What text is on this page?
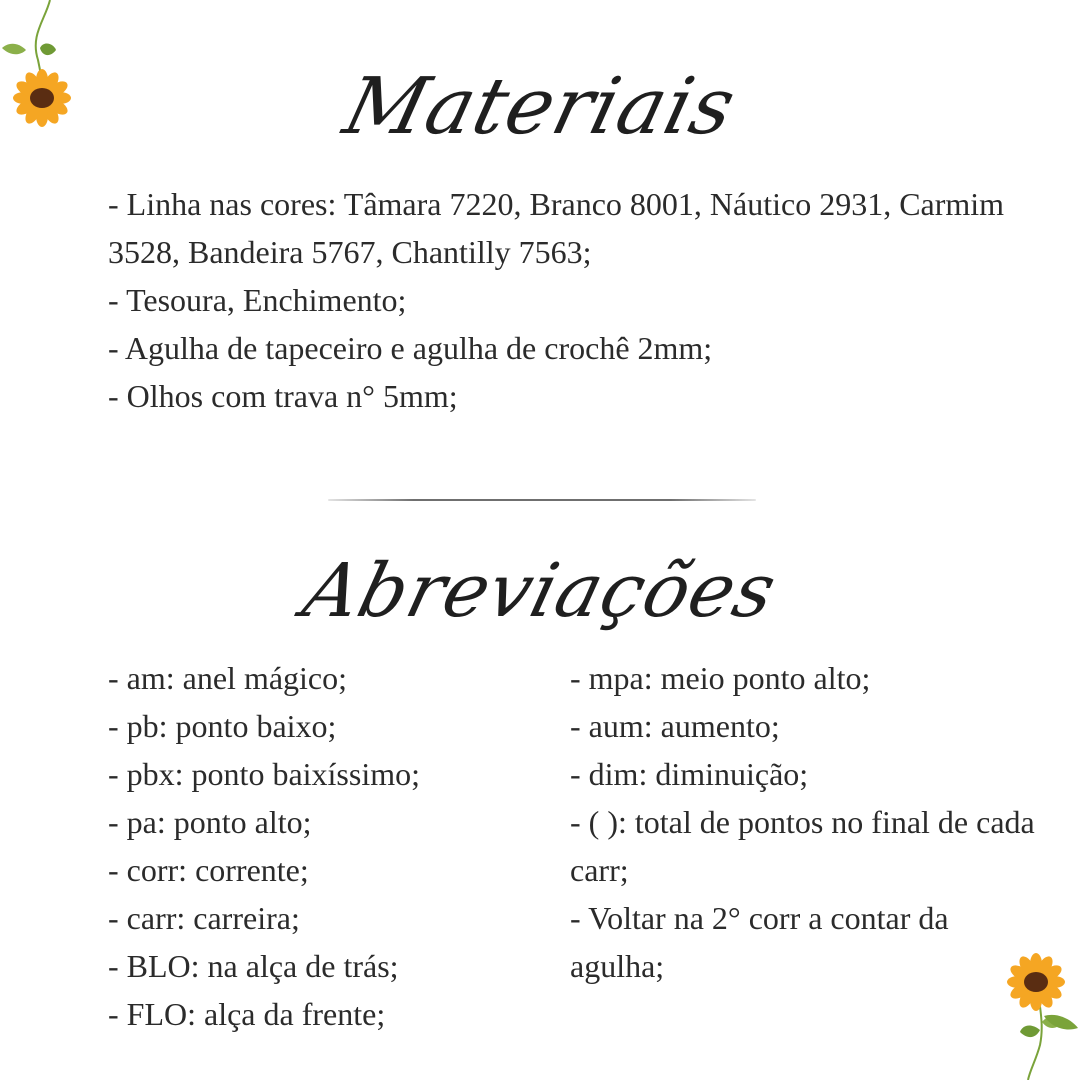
Materiais
- Linha nas cores: Tâmara 7220, Branco 8001, Náutico 2931, Carmim 3528, Bandeira 5767, Chantilly 7563;
- Tesoura, Enchimento;
- Agulha de tapeceiro e agulha de crochê 2mm;
- Olhos com trava n° 5mm;
Abreviações
- am: anel mágico;
- pb: ponto baixo;
- pbx: ponto baixíssimo;
- pa: ponto alto;
- corr: corrente;
- carr: carreira;
- BLO: na alça de trás;
- FLO: alça da frente;
- mpa: meio ponto alto;
- aum: aumento;
- dim: diminuição;
- ( ): total de pontos no final de cada carr;
- Voltar na 2° corr a contar da agulha;
